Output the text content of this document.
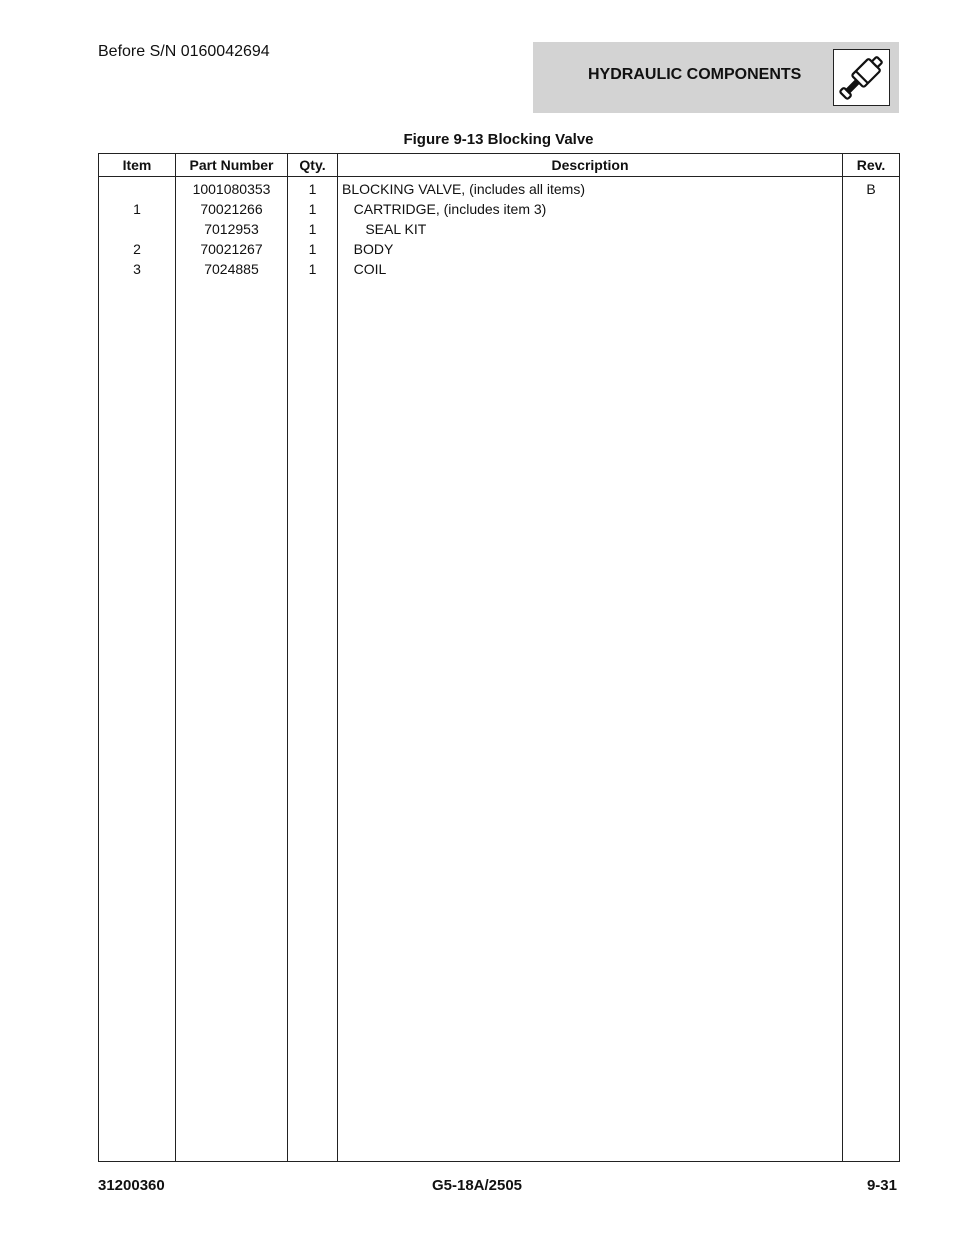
Before S/N 0160042694
HYDRAULIC COMPONENTS
Figure 9-13 Blocking Valve
Item	Part Number	Qty.	Description	Rev.
	1001080353	1	BLOCKING VALVE, (includes all items)	B
1	70021266	1	CARTRIDGE, (includes item 3)	
	7012953	1	SEAL KIT	
2	70021267	1	BODY	
3	7024885	1	COIL	

31200360	G5-18A/2505	9-31
